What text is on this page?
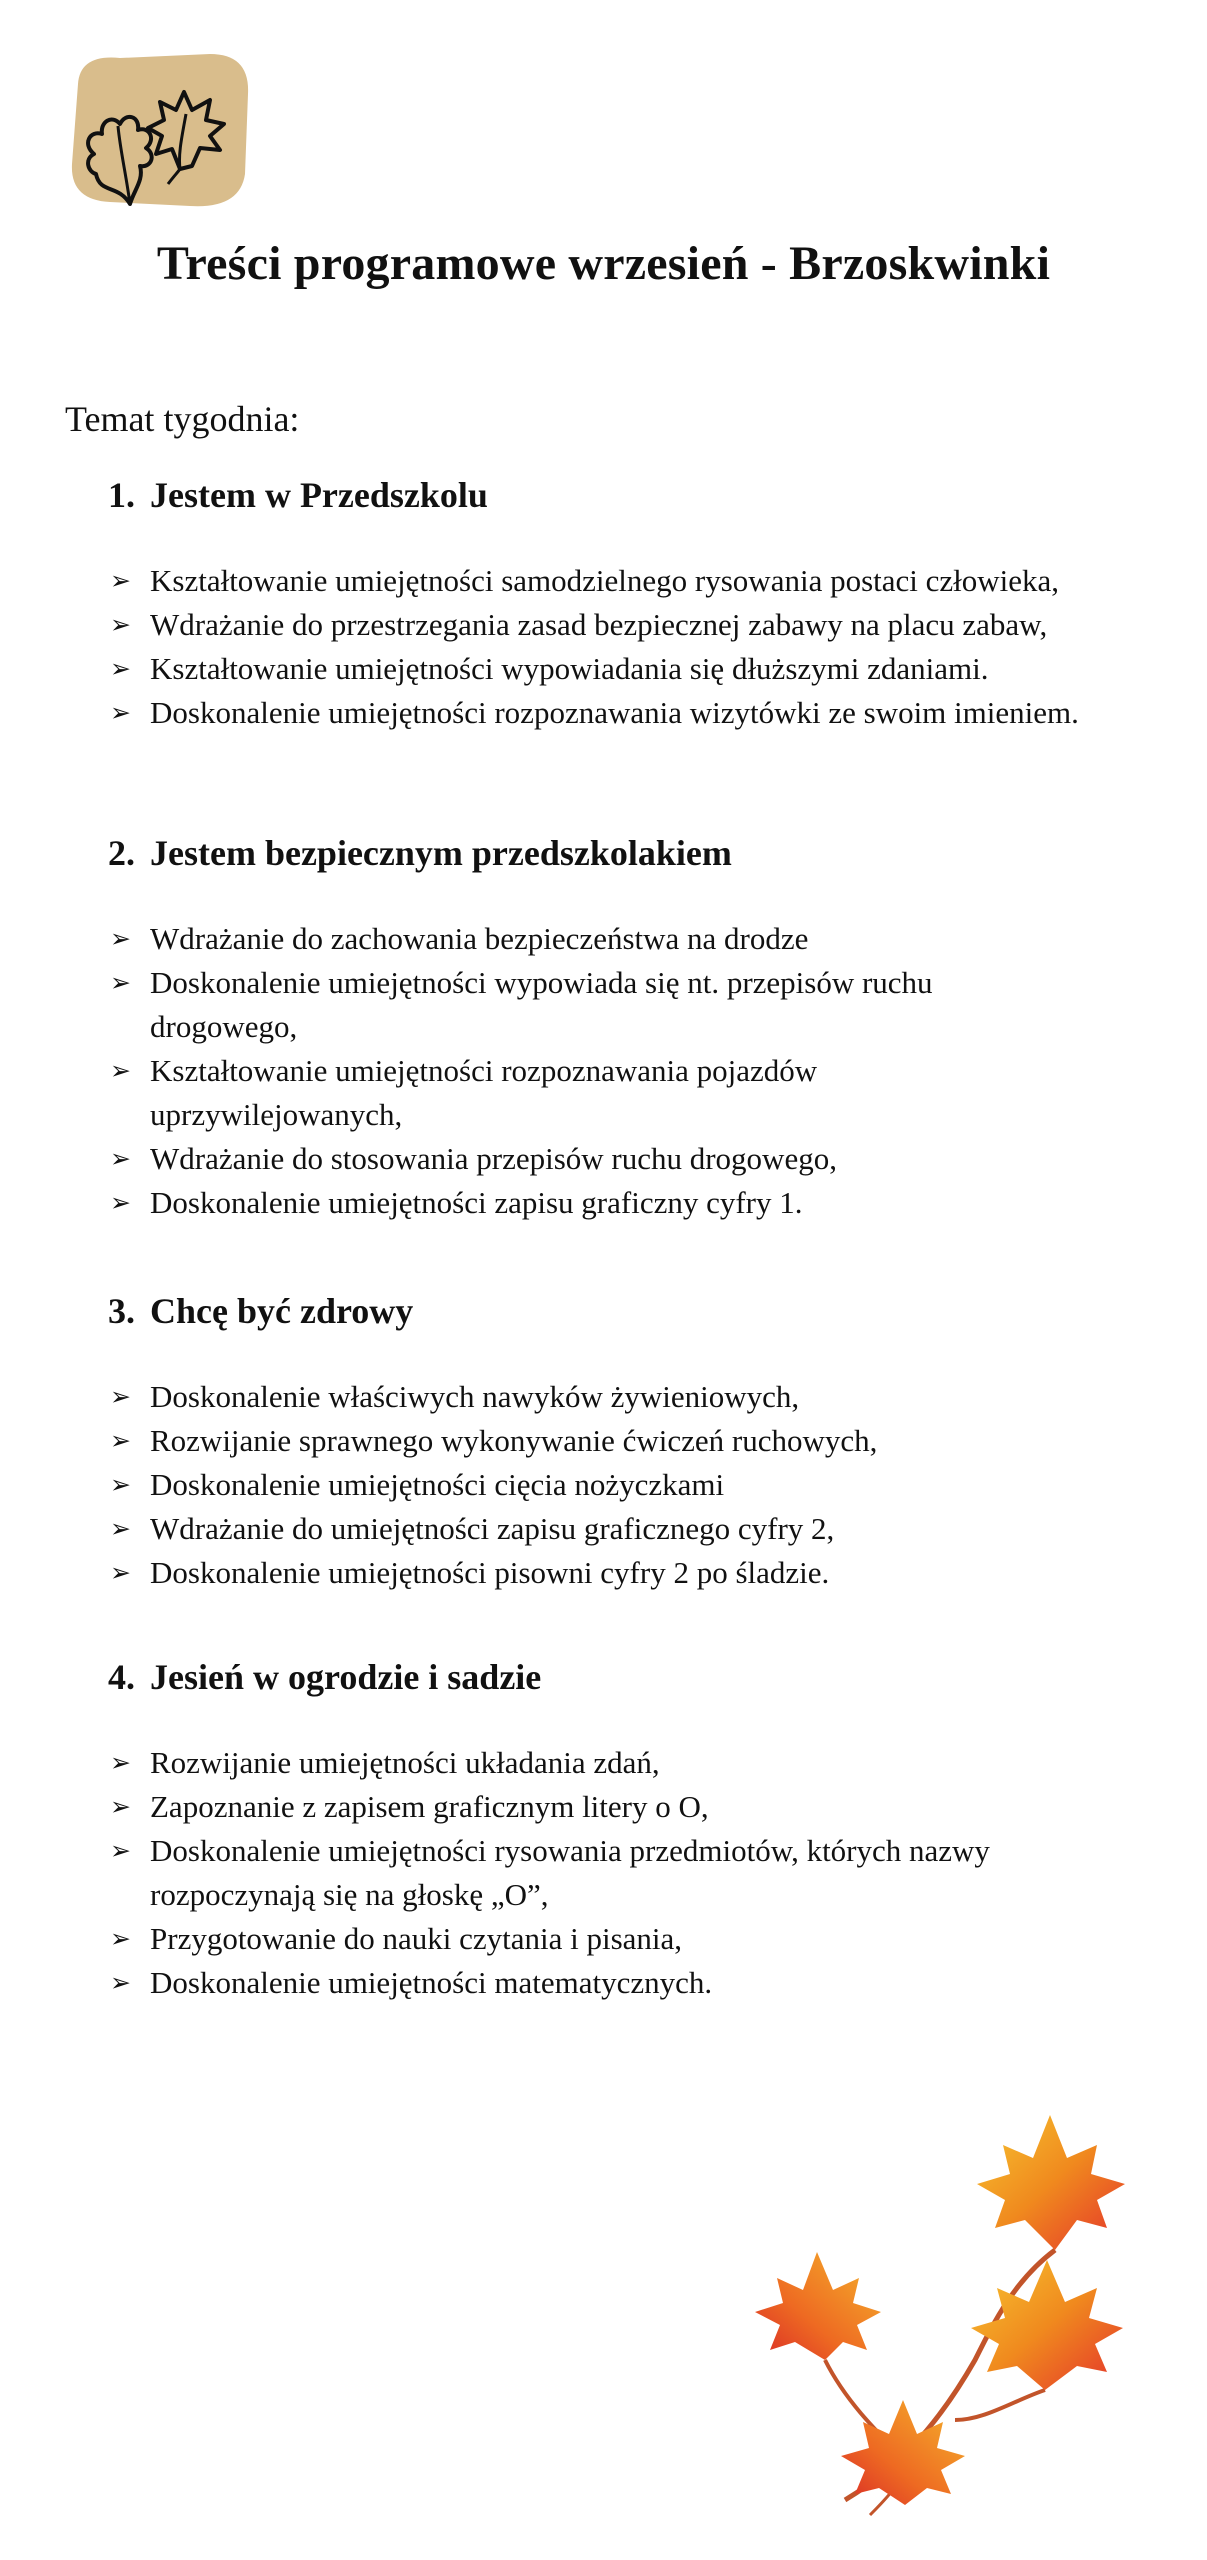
Treści programowe wrzesień - Brzoskwinki

Temat tygodnia:

1. Jestem w Przedszkolu
➢ Kształtowanie umiejętności samodzielnego rysowania postaci człowieka,
➢ Wdrażanie do przestrzegania zasad bezpiecznej zabawy na placu zabaw,
➢ Kształtowanie umiejętności wypowiadania się dłuższymi zdaniami.
➢ Doskonalenie umiejętności rozpoznawania wizytówki ze swoim imieniem.
2. Jestem bezpiecznym przedszkolakiem
➢ Wdrażanie do zachowania bezpieczeństwa na drodze
➢ Doskonalenie umiejętności wypowiada się nt. przepisów ruchu drogowego,
➢ Kształtowanie umiejętności rozpoznawania pojazdów uprzywilejowanych,
➢ Wdrażanie do stosowania przepisów ruchu drogowego,
➢ Doskonalenie umiejętności zapisu graficzny cyfry 1.
3. Chcę być zdrowy
➢ Doskonalenie właściwych nawyków żywieniowych,
➢ Rozwijanie sprawnego wykonywanie ćwiczeń ruchowych,
➢ Doskonalenie umiejętności cięcia nożyczkami
➢ Wdrażanie do umiejętności zapisu graficznego cyfry 2,
➢ Doskonalenie umiejętności pisowni cyfry 2 po śladzie.
4. Jesień w ogrodzie i sadzie
➢ Rozwijanie umiejętności układania zdań,
➢ Zapoznanie z zapisem graficznym litery o O,
➢ Doskonalenie umiejętności rysowania przedmiotów, których nazwy rozpoczynają się na głoskę „O”,
➢ Przygotowanie do nauki czytania i pisania,
➢ Doskonalenie umiejętności matematycznych.
